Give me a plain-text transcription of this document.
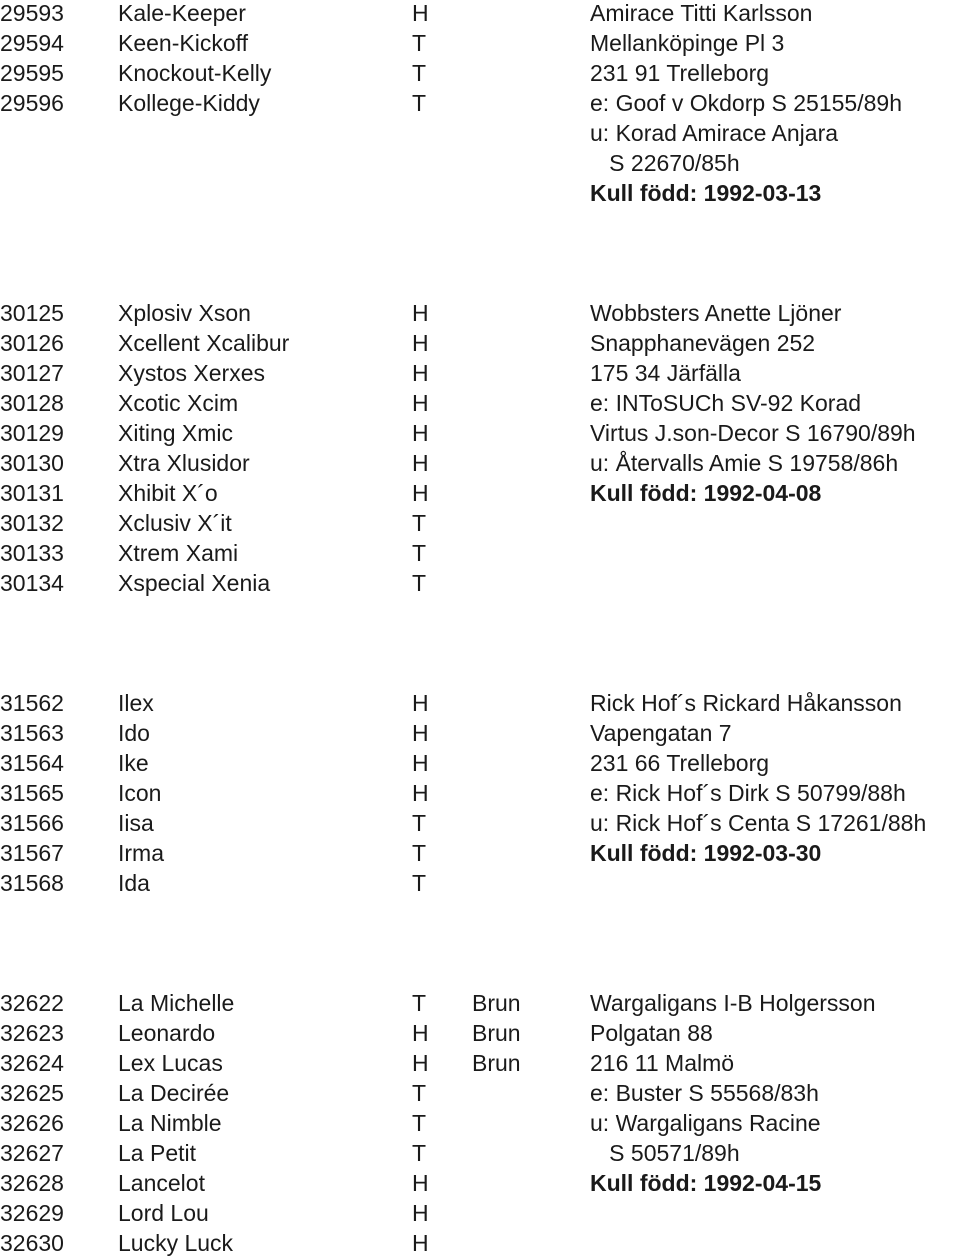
29593 Kale-Keeper	H	Amirace Titti Karlsson
29594 Keen-Kickoff	T	Mellanköpinge Pl 3
29595 Knockout-Kelly	T	231 91 Trelleborg
29596 Kollege-Kiddy	T	e: Goof v Okdorp S 25155/89h
u: Korad Amirace Anjara
S 22670/85h
Kull född: 1992-03-13
30125 Xplosiv Xson	H	Wobbsters Anette Ljöner
30126 Xcellent Xcalibur	H	Snapphanevägen 252
30127 Xystos Xerxes	H	175 34 Järfälla
30128 Xcotic Xcim	H	e: INToSUCh SV-92 Korad
30129 Xiting Xmic	H	Virtus J.son-Decor S 16790/89h
30130 Xtra Xlusidor	H	u: Återvalls Amie S 19758/86h
30131 Xhibit X´o	H	Kull född: 1992-04-08
30132 Xclusiv X´it	T
30133 Xtrem Xami	T
30134 Xspecial Xenia	T
31562 Ilex	H	Rick Hof´s Rickard Håkansson
31563 Ido	H	Vapengatan 7
31564 Ike	H	231 66 Trelleborg
31565 Icon	H	e: Rick Hof´s Dirk S 50799/88h
31566 Iisa	T	u: Rick Hof´s Centa S 17261/88h
31567 Irma	T	Kull född: 1992-03-30
31568 Ida	T
32622 La Michelle	T Brun	Wargaligans I-B Holgersson
32623 Leonardo	H Brun	Polgatan 88
32624 Lex Lucas	H Brun	216 11 Malmö
32625 La Decirée	T	e: Buster S 55568/83h
32626 La Nimble	T	u: Wargaligans Racine
32627 La Petit	T	S 50571/89h
32628 Lancelot	H	Kull född: 1992-04-15
32629 Lord Lou	H
32630 Lucky Luck	H
